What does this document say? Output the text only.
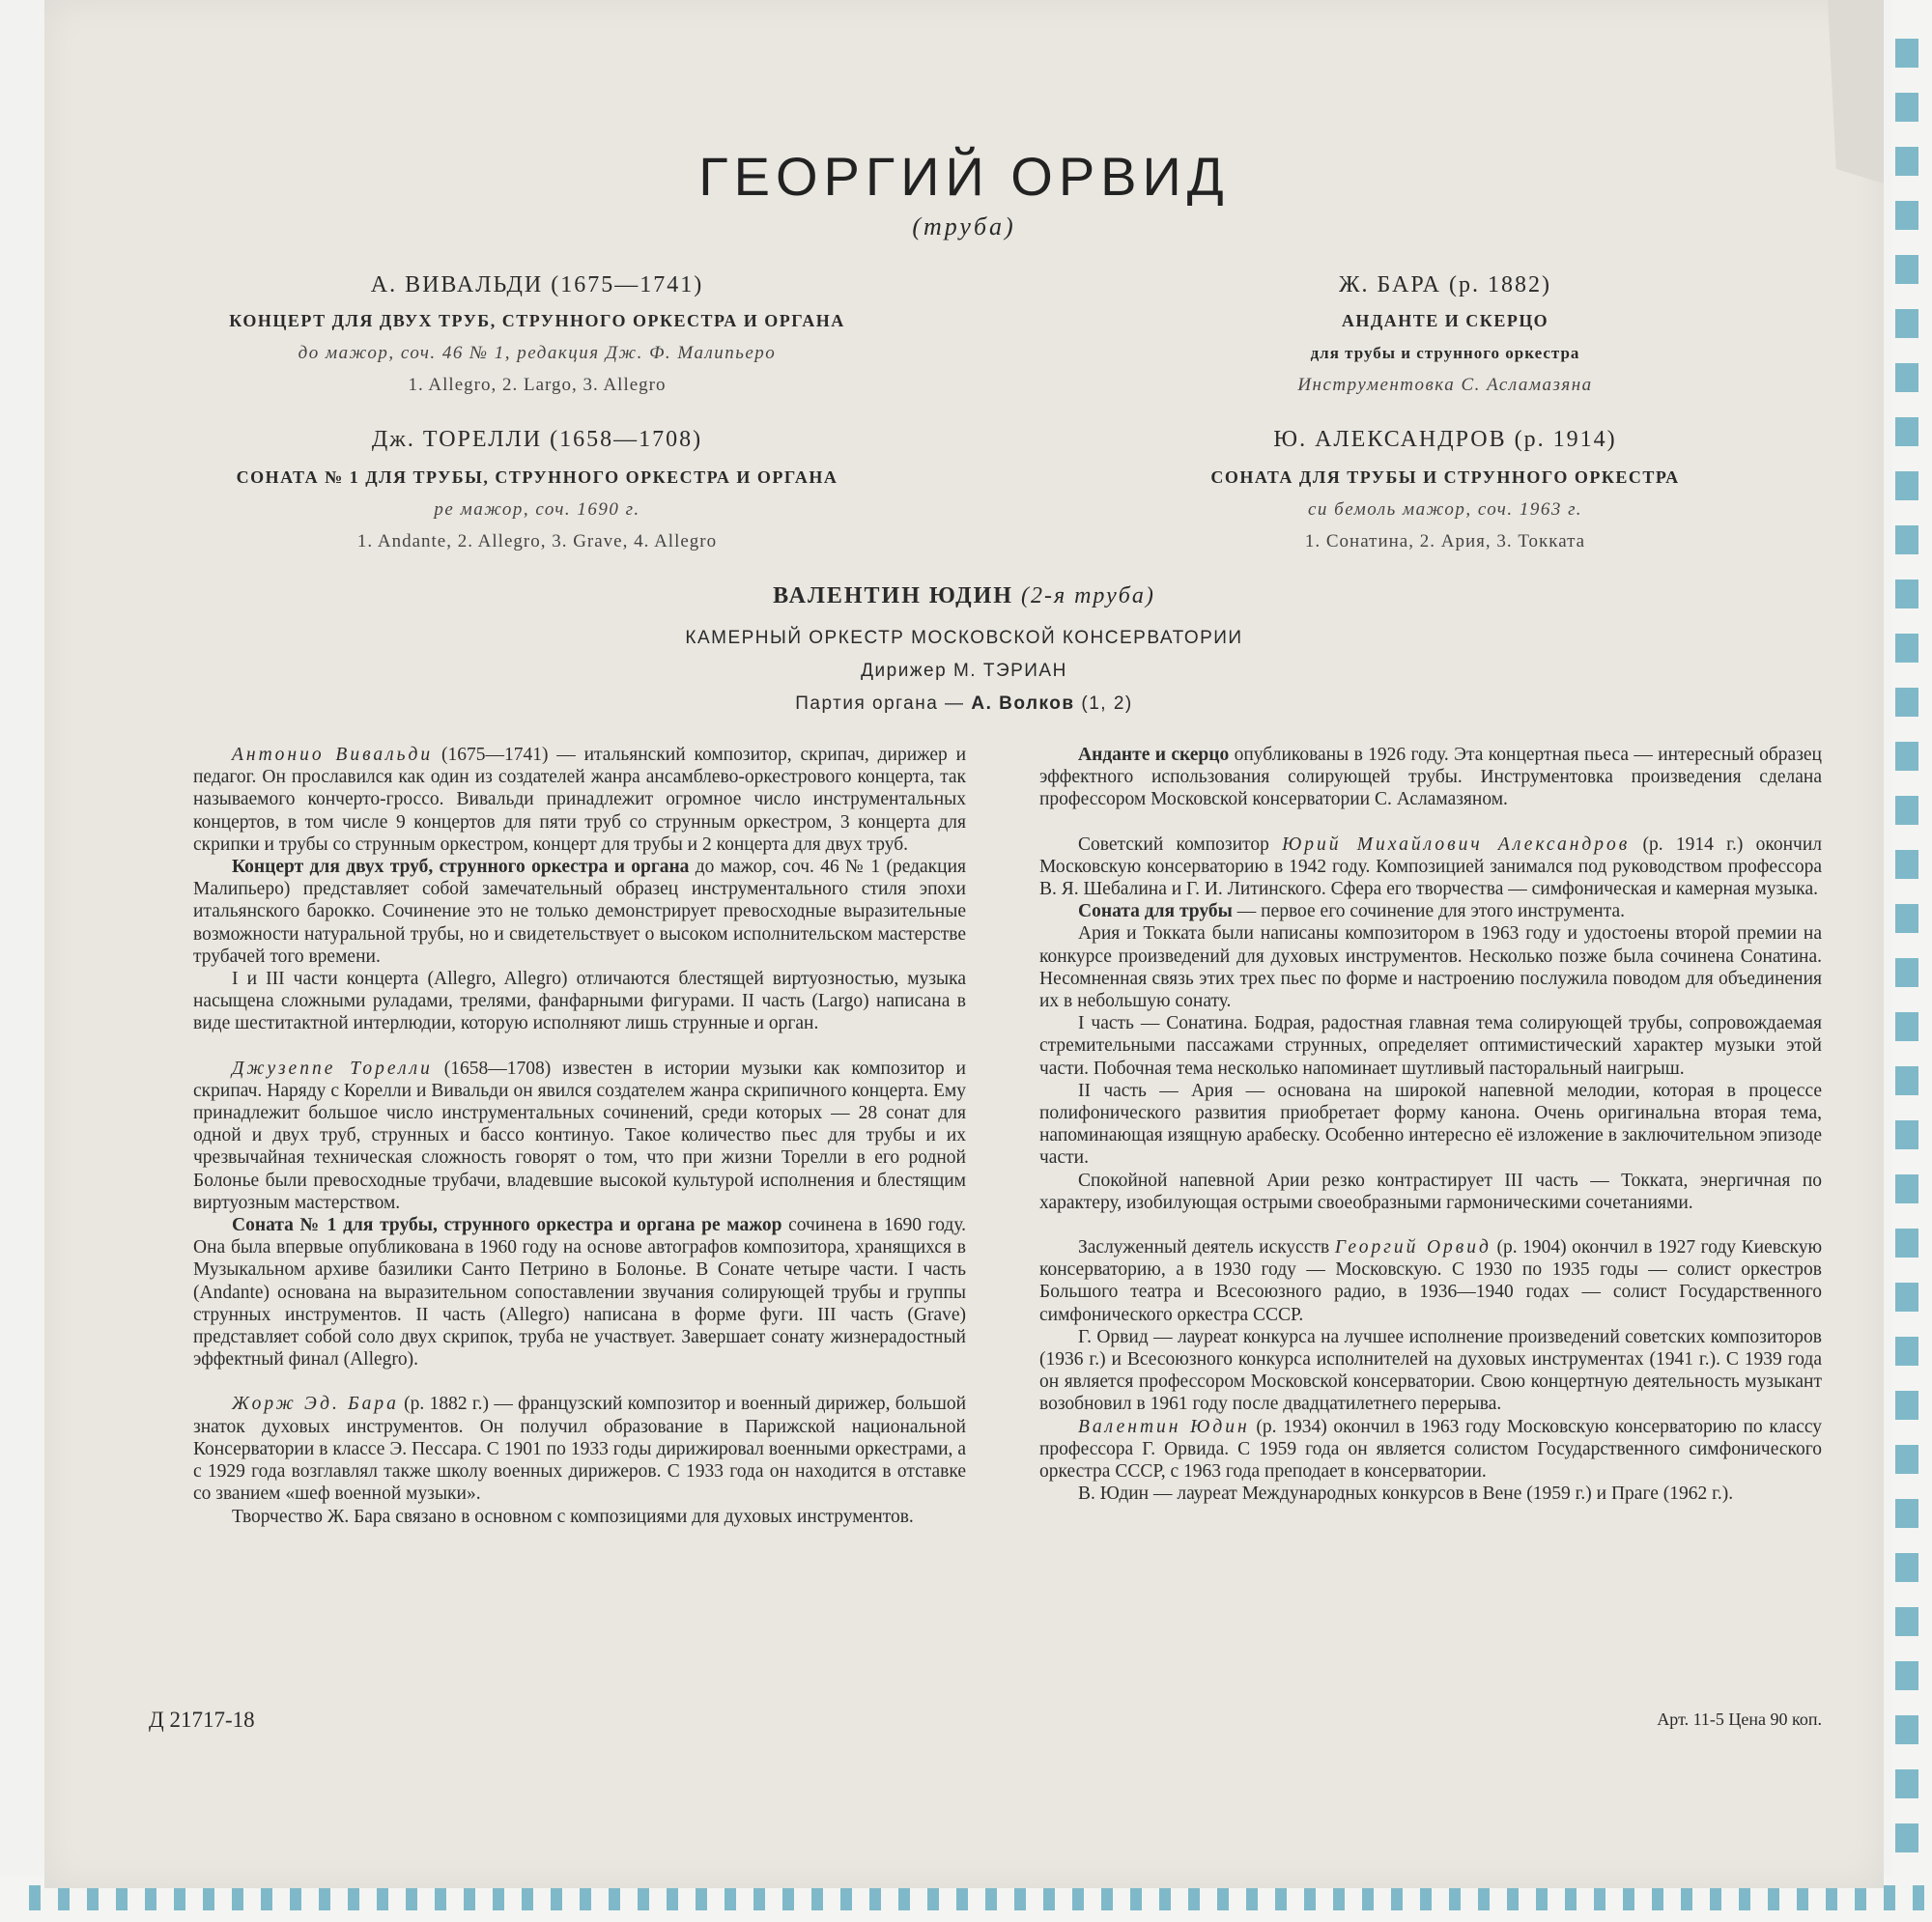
ГЕОРГИЙ ОРВИД
(труба)
А. ВИВАЛЬДИ (1675—1741)
КОНЦЕРТ ДЛЯ ДВУХ ТРУБ, СТРУННОГО ОРКЕСТРА И ОРГАНА
до мажор, соч. 46 № 1, редакция Дж. Ф. Малипьеро
1. Allegro, 2. Largo, 3. Allegro
Дж. ТОРЕЛЛИ (1658—1708)
СОНАТА № 1 ДЛЯ ТРУБЫ, СТРУННОГО ОРКЕСТРА И ОРГАНА
ре мажор, соч. 1690 г.
1. Andante, 2. Allegro, 3. Grave, 4. Allegro
Ж. БАРА (р. 1882)
АНДАНТЕ И СКЕРЦО
для трубы и струнного оркестра
Инструментовка С. Асламазяна
Ю. АЛЕКСАНДРОВ (р. 1914)
СОНАТА ДЛЯ ТРУБЫ И СТРУННОГО ОРКЕСТРА
си бемоль мажор, соч. 1963 г.
1. Сонатина, 2. Ария, 3. Токката
ВАЛЕНТИН ЮДИН (2-я труба)
КАМЕРНЫЙ ОРКЕСТР МОСКОВСКОЙ КОНСЕРВАТОРИИ
Дирижер М. ТЭРИАН
Партия органа — А. Волков (1, 2)

Антонио Вивальди (1675—1741) — итальянский композитор, скрипач, дирижер и педагог. Он прославился как один из создателей жанра ансамблево-оркестрового концерта, так называемого кончерто-гроссо. Вивальди принадлежит огромное число инструментальных концертов, в том числе 9 концертов для пяти труб со струнным оркестром, 3 концерта для скрипки и трубы со струнным оркестром, концерт для трубы и 2 концерта для двух труб.

Концерт для двух труб, струнного оркестра и органа до мажор, соч. 46 № 1 (редакция Малипьеро) представляет собой замечательный образец инструментального стиля эпохи итальянского барокко. Сочинение это не только демонстрирует превосходные выразительные возможности натуральной трубы, но и свидетельствует о высоком исполнительском мастерстве трубачей того времени.

I и III части концерта (Allegro, Allegro) отличаются блестящей виртуозностью, музыка насыщена сложными руладами, трелями, фанфарными фигурами. II часть (Largo) написана в виде шеститактной интерлюдии, которую исполняют лишь струнные и орган.

Джузеппе Торелли (1658—1708) известен в истории музыки как композитор и скрипач. Наряду с Корелли и Вивальди он явился создателем жанра скрипичного концерта. Ему принадлежит большое число инструментальных сочинений, среди которых — 28 сонат для одной и двух труб, струнных и бассо континуо. Такое количество пьес для трубы и их чрезвычайная техническая сложность говорят о том, что при жизни Торелли в его родной Болонье были превосходные трубачи, владевшие высокой культурой исполнения и блестящим виртуозным мастерством.

Соната № 1 для трубы, струнного оркестра и органа ре мажор сочинена в 1690 году. Она была впервые опубликована в 1960 году на основе автографов композитора, хранящихся в Музыкальном архиве базилики Санто Петрино в Болонье. В Сонате четыре части. I часть (Andante) основана на выразительном сопоставлении звучания солирующей трубы и группы струнных инструментов. II часть (Allegro) написана в форме фуги. III часть (Grave) представляет собой соло двух скрипок, труба не участвует. Завершает сонату жизнерадостный эффектный финал (Allegro).

Жорж Эд. Бара (р. 1882 г.) — французский композитор и военный дирижер, большой знаток духовых инструментов. Он получил образование в Парижской национальной Консерватории в классе Э. Пессара. С 1901 по 1933 годы дирижировал военными оркестрами, а с 1929 года возглавлял также школу военных дирижеров. С 1933 года он находится в отставке со званием «шеф военной музыки».

Творчество Ж. Бара связано в основном с композициями для духовых инструментов.

Анданте и скерцо опубликованы в 1926 году. Эта концертная пьеса — интересный образец эффектного использования солирующей трубы. Инструментовка произведения сделана профессором Московской консерватории С. Асламазяном.

Советский композитор Юрий Михайлович Александров (р. 1914 г.) окончил Московскую консерваторию в 1942 году. Композицией занимался под руководством профессора В. Я. Шебалина и Г. И. Литинского. Сфера его творчества — симфоническая и камерная музыка.

Соната для трубы — первое его сочинение для этого инструмента.

Ария и Токката были написаны композитором в 1963 году и удостоены второй премии на конкурсе произведений для духовых инструментов. Несколько позже была сочинена Сонатина. Несомненная связь этих трех пьес по форме и настроению послужила поводом для объединения их в небольшую сонату.

I часть — Сонатина. Бодрая, радостная главная тема солирующей трубы, сопровождаемая стремительными пассажами струнных, определяет оптимистический характер музыки этой части. Побочная тема несколько напоминает шутливый пасторальный наигрыш.

II часть — Ария — основана на широкой напевной мелодии, которая в процессе полифонического развития приобретает форму канона. Очень оригинальна вторая тема, напоминающая изящную арабеску. Особенно интересно её изложение в заключительном эпизоде части.

Спокойной напевной Арии резко контрастирует III часть — Токката, энергичная по характеру, изобилующая острыми своеобразными гармоническими сочетаниями.

Заслуженный деятель искусств Георгий Орвид (р. 1904) окончил в 1927 году Киевскую консерваторию, а в 1930 году — Московскую. С 1930 по 1935 годы — солист оркестров Большого театра и Всесоюзного радио, в 1936—1940 годах — солист Государственного симфонического оркестра СССР.

Г. Орвид — лауреат конкурса на лучшее исполнение произведений советских композиторов (1936 г.) и Всесоюзного конкурса исполнителей на духовых инструментах (1941 г.). С 1939 года он является профессором Московской консерватории. Свою концертную деятельность музыкант возобновил в 1961 году после двадцатилетнего перерыва.

Валентин Юдин (р. 1934) окончил в 1963 году Московскую консерваторию по классу профессора Г. Орвида. С 1959 года он является солистом Государственного симфонического оркестра СССР, с 1963 года преподает в консерватории.

В. Юдин — лауреат Международных конкурсов в Вене (1959 г.) и Праге (1962 г.).

Д 21717-18	Арт. 11-5 Цена 90 коп.
